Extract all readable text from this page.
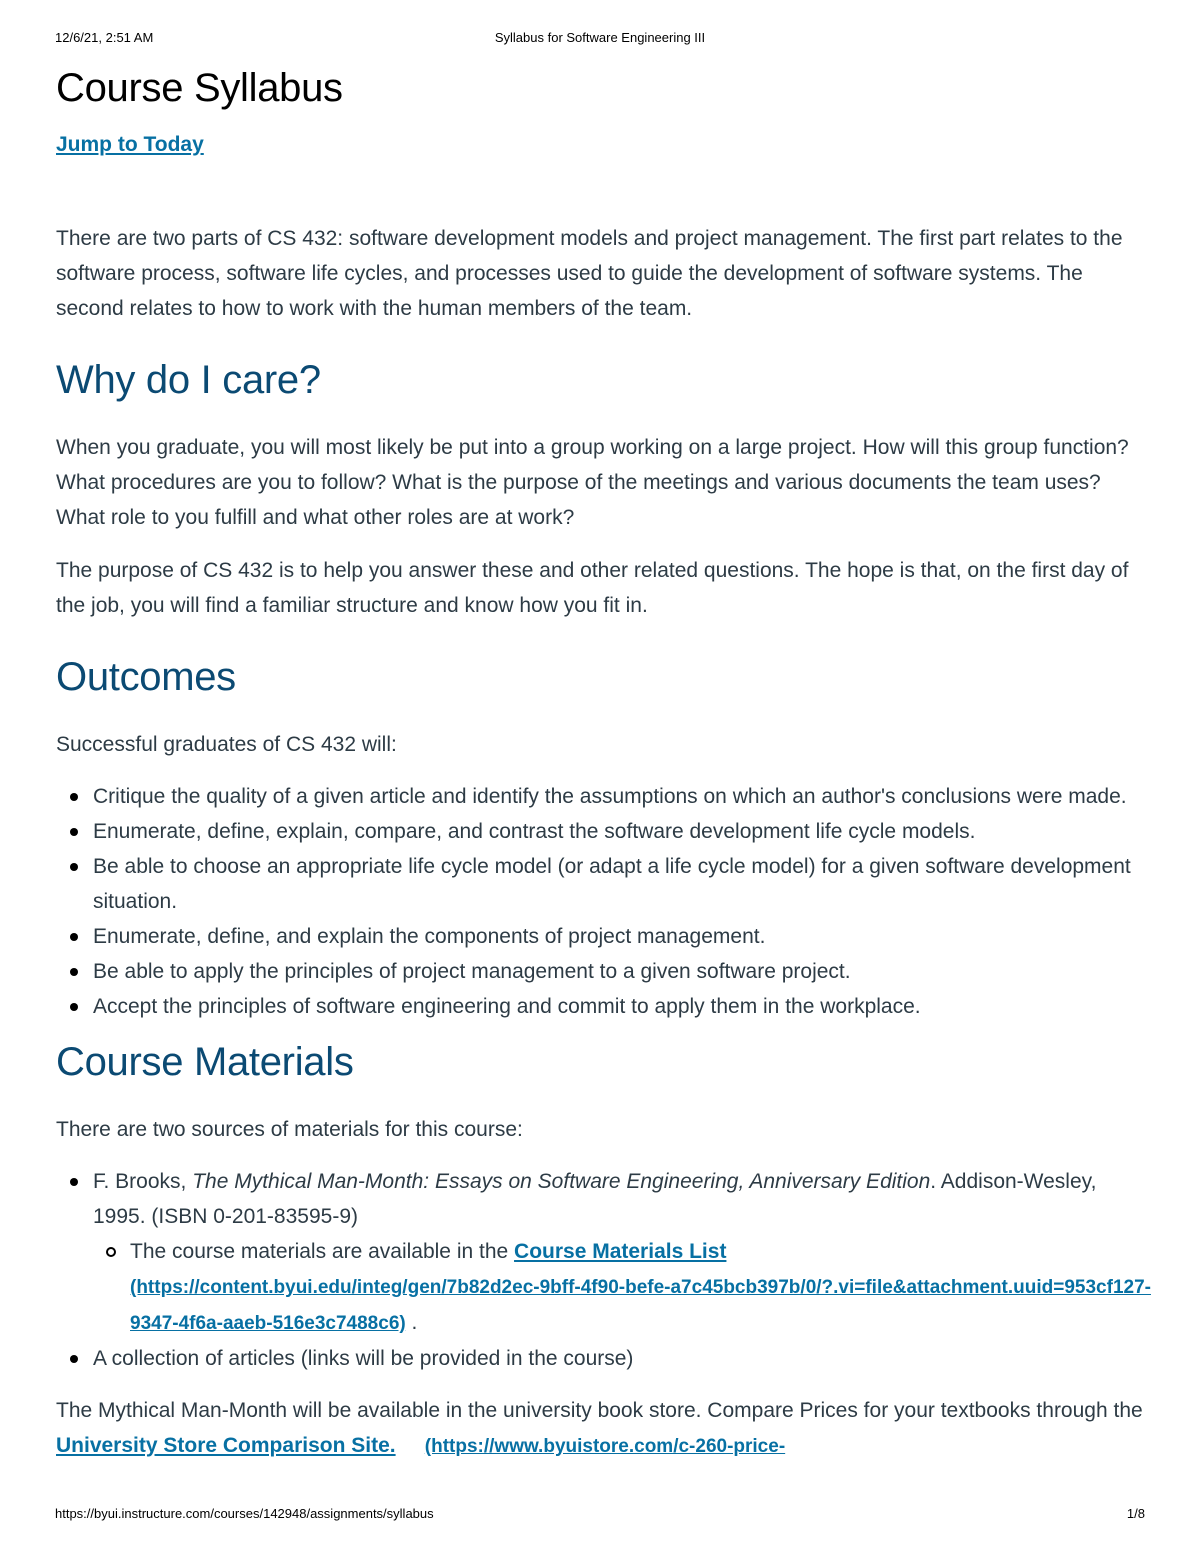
12/6/21, 2:51 AM	Syllabus for Software Engineering III
Course Syllabus
Jump to Today

There are two parts of CS 432: software development models and project management. The first part relates to the software process, software life cycles, and processes used to guide the development of software systems. The second relates to how to work with the human members of the team.

Why do I care?

When you graduate, you will most likely be put into a group working on a large project. How will this group function? What procedures are you to follow? What is the purpose of the meetings and various documents the team uses? What role to you fulfill and what other roles are at work?

The purpose of CS 432 is to help you answer these and other related questions. The hope is that, on the first day of the job, you will find a familiar structure and know how you fit in.

Outcomes

Successful graduates of CS 432 will:

Critique the quality of a given article and identify the assumptions on which an author's conclusions were made.
Enumerate, define, explain, compare, and contrast the software development life cycle models.
Be able to choose an appropriate life cycle model (or adapt a life cycle model) for a given software development situation.
Enumerate, define, and explain the components of project management.
Be able to apply the principles of project management to a given software project.
Accept the principles of software engineering and commit to apply them in the workplace.
Course Materials

There are two sources of materials for this course:

F. Brooks, The Mythical Man-Month: Essays on Software Engineering, Anniversary Edition. Addison-Wesley, 1995. (ISBN 0-201-83595-9)
The course materials are available in the Course Materials List
(https://content.byui.edu/integ/gen/7b82d2ec-9bff-4f90-befe-a7c45bcb397b/0/?.vi=file&attachment.uuid=953cf127-9347-4f6a-aaeb-516e3c7488c6) .
A collection of articles (links will be provided in the course)

The Mythical Man-Month will be available in the university book store. Compare Prices for your textbooks through the University Store Comparison Site. (https://www.byuistore.com/c-260-price-

https://byui.instructure.com/courses/142948/assignments/syllabus	1/8
